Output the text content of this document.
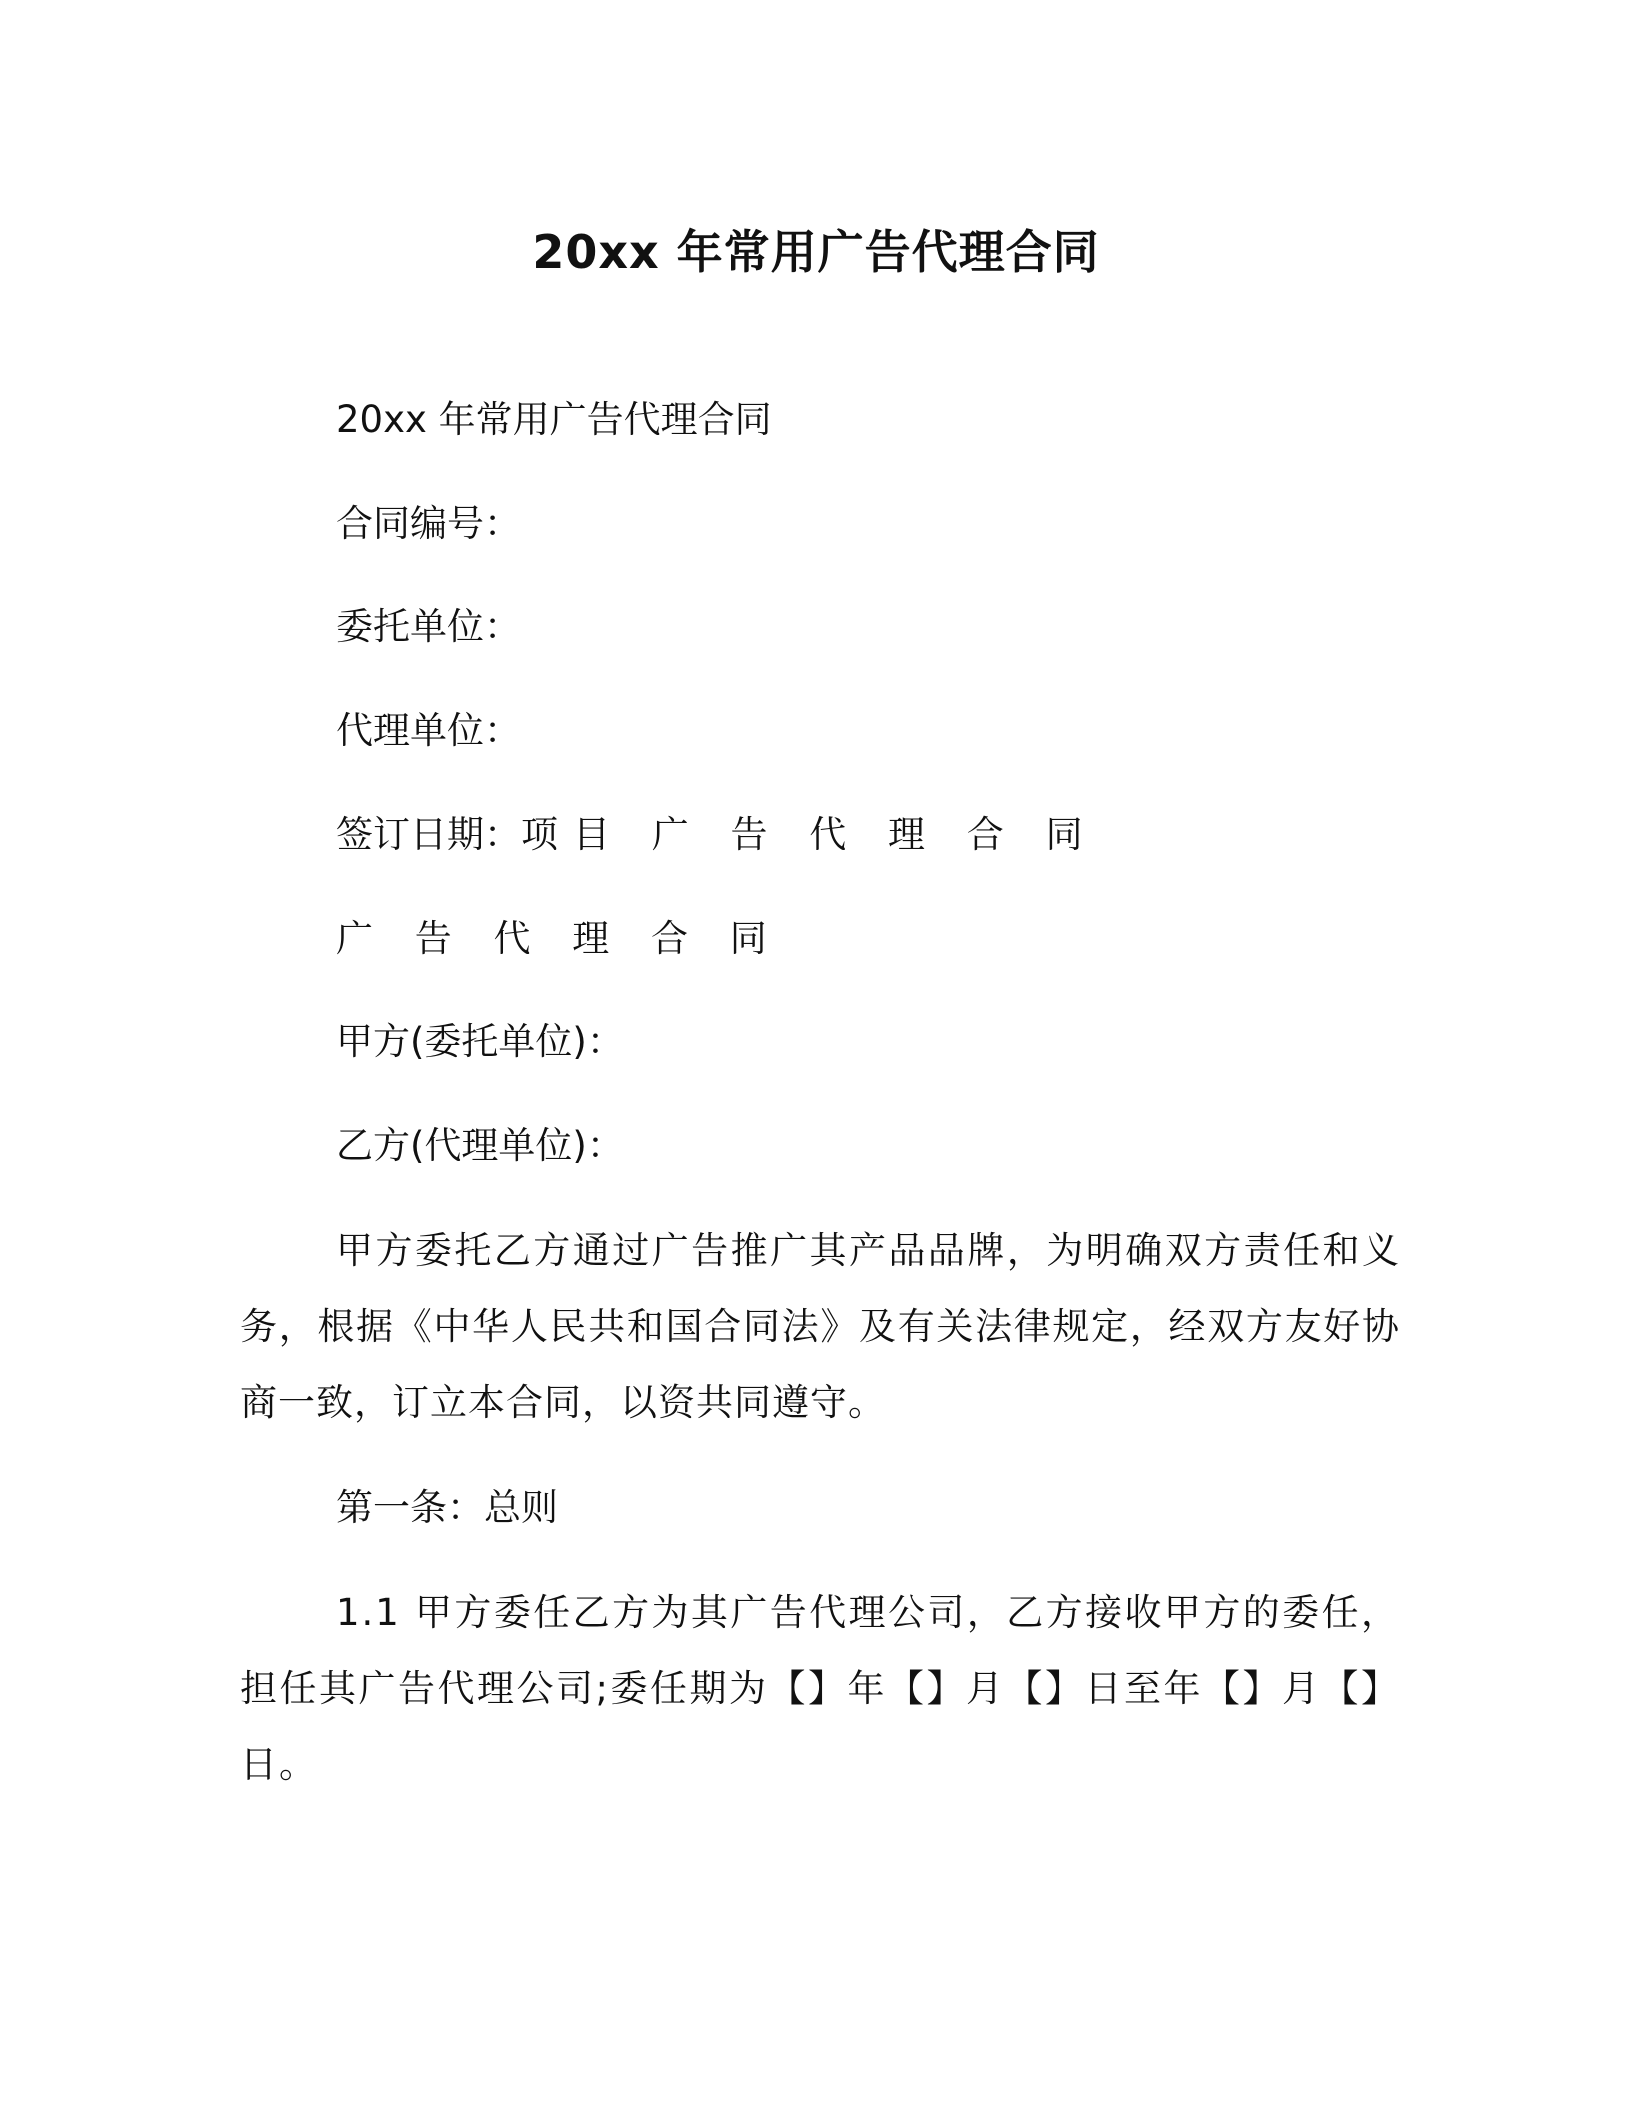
20xx 年常用广告代理合同
20xx 年常用广告代理合同
合同编号：
委托单位：
代理单位：
签订日期：项目 广 告 代 理 合 同
广 告 代 理 合 同
甲方(委托单位)：
乙方(代理单位)：
甲方委托乙方通过广告推广其产品品牌，为明确双方责任和义务，根据《中华人民共和国合同法》及有关法律规定，经双方友好协商一致，订立本合同，以资共同遵守。
第一条：总则
1.1 甲方委任乙方为其广告代理公司，乙方接收甲方的委任，担任其广告代理公司;委任期为【】年【】月【】日至年【】月【】日。
